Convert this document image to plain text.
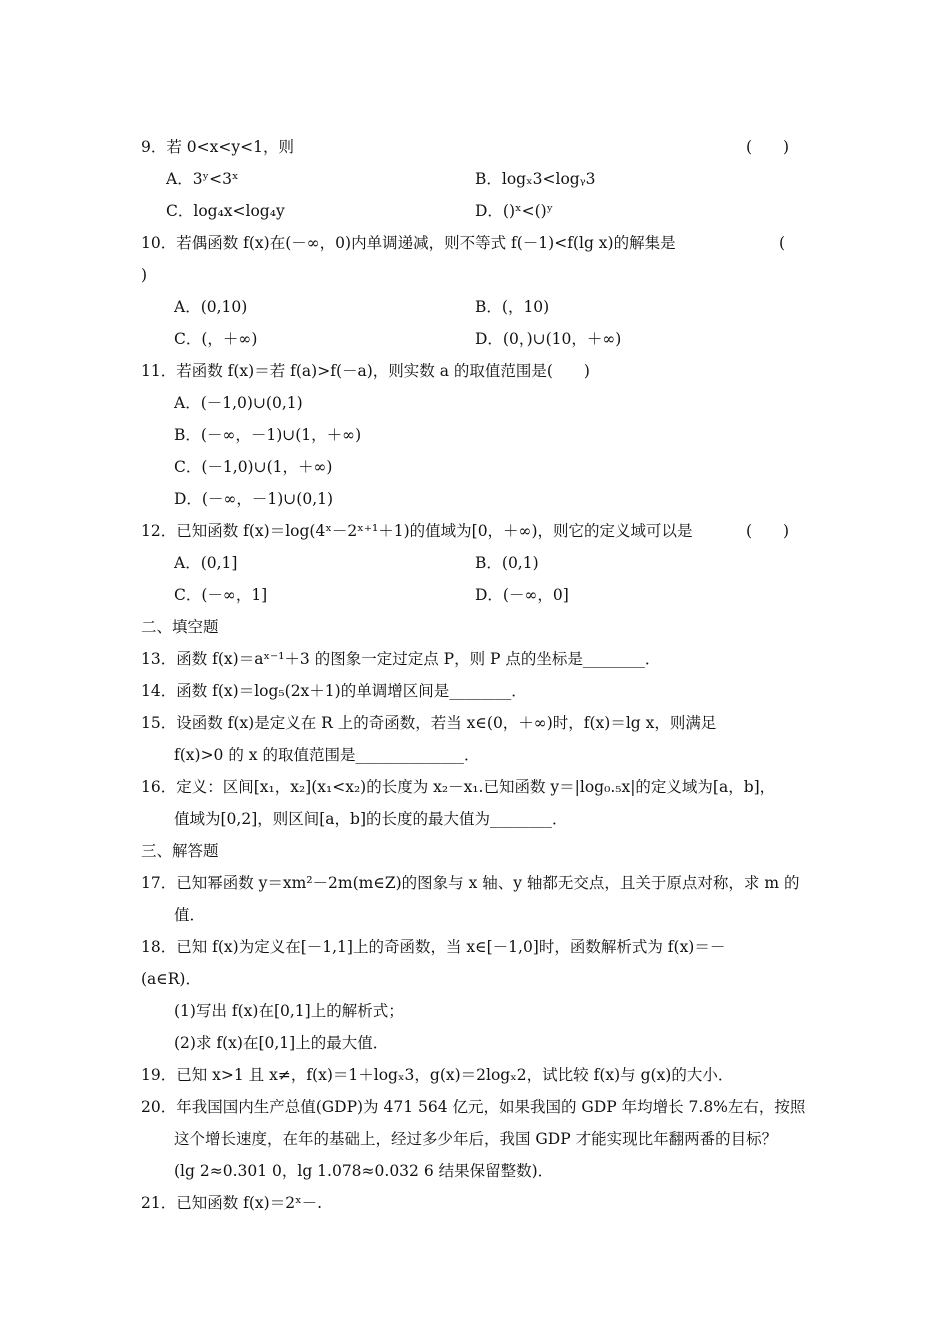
9．若 0<x<y<1，则	(　　)
A．3ʸ<3ˣ	B．logₓ3<logᵧ3
C．log₄x<log₄y	D．()ˣ<()ʸ
10．若偶函数 f(x)在(－∞，0)内单调递减，则不等式 f(－1)<f(lg x)的解集是	(
)
A．(0,10)	B．(，10)
C．(，＋∞)	D．(0，)∪(10，＋∞)
11．若函数 f(x)＝若 f(a)>f(－a)，则实数 a 的取值范围是(　　)
A．(－1,0)∪(0,1)
B．(－∞，－1)∪(1，＋∞)
C．(－1,0)∪(1，＋∞)
D．(－∞，－1)∪(0,1)
12．已知函数 f(x)＝log(4ˣ－2ˣ⁺¹＋1)的值域为[0，＋∞)，则它的定义域可以是	(　　)
A．(0,1]	B．(0,1)
C．(－∞，1]	D．(－∞，0]
二、填空题
13．函数 f(x)＝aˣ⁻¹＋3 的图象一定过定点 P，则 P 点的坐标是________．
14．函数 f(x)＝log₅(2x＋1)的单调增区间是________．
15．设函数 f(x)是定义在 R 上的奇函数，若当 x∈(0，＋∞)时，f(x)＝lg x，则满足
f(x)>0 的 x 的取值范围是______________．
16．定义：区间[x₁，x₂](x₁<x₂)的长度为 x₂－x₁.已知函数 y＝|log₀.₅x|的定义域为[a，b]，
值域为[0,2]，则区间[a，b]的长度的最大值为________．
三、解答题
17．已知幂函数 y＝xm²－2m(m∈Z)的图象与 x 轴、y 轴都无交点，且关于原点对称，求 m 的
值．
18．已知 f(x)为定义在[－1,1]上的奇函数，当 x∈[－1,0]时，函数解析式为 f(x)＝－
(a∈R)．
(1)写出 f(x)在[0,1]上的解析式；
(2)求 f(x)在[0,1]上的最大值．
19．已知 x>1 且 x≠，f(x)＝1＋logₓ3，g(x)＝2logₓ2，试比较 f(x)与 g(x)的大小．
20．年我国国内生产总值(GDP)为 471 564 亿元，如果我国的 GDP 年均增长 7.8%左右，按照
这个增长速度，在年的基础上，经过多少年后，我国 GDP 才能实现比年翻两番的目标？
(lg 2≈0.301 0，lg 1.078≈0.032 6 结果保留整数)．
21．已知函数 f(x)＝2ˣ－.
